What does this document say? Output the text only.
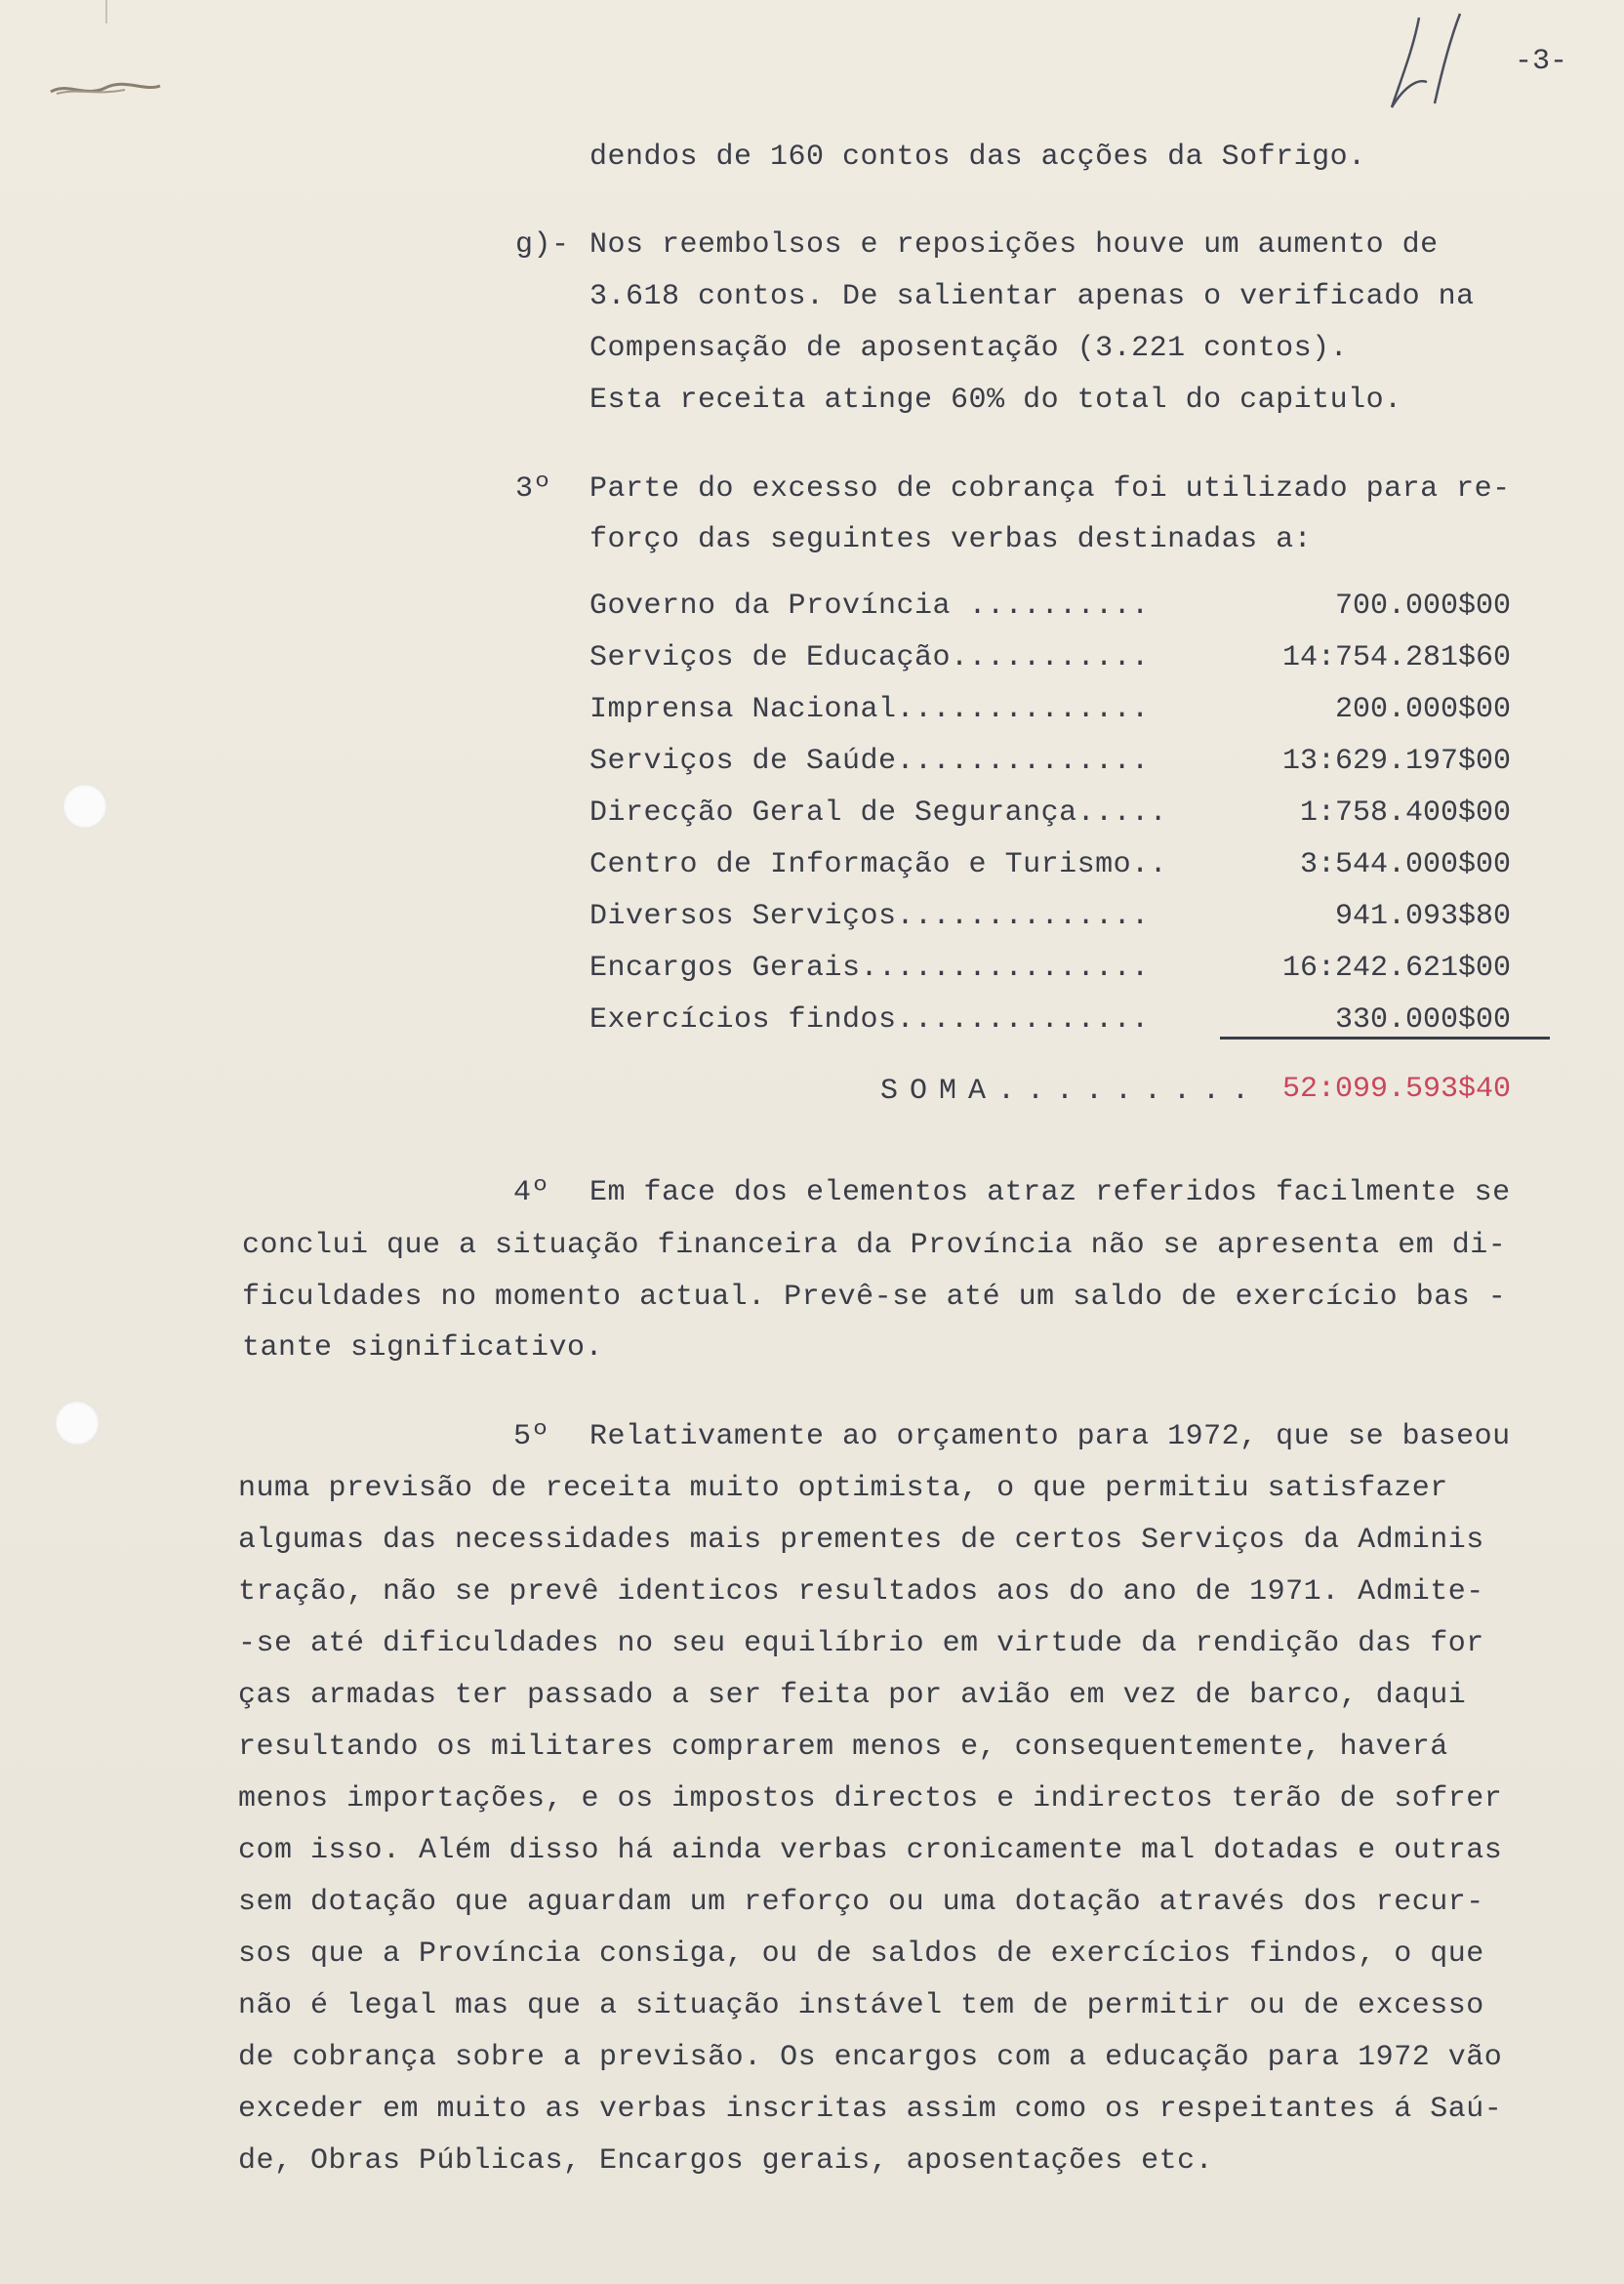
-3-
dendos de 160 contos das acções da Sofrigo.
g)- Nos reembolsos e reposições houve um aumento de
3.618 contos. De salientar apenas o verificado na
Compensação de aposentação (3.221 contos).
Esta receita atinge 60% do total do capitulo.
3º Parte do excesso de cobrança foi utilizado para re-
forço das seguintes verbas destinadas a:
Governo da Província ..........	700.000$00
Serviços de Educação...........	14:754.281$60
Imprensa Nacional..............	200.000$00
Serviços de Saúde..............	13:629.197$00
Direcção Geral de Segurança.....	1:758.400$00
Centro de Informação e Turismo..	3:544.000$00
Diversos Serviços..............	941.093$80
Encargos Gerais................	16:242.621$00
Exercícios findos..............	330.000$00
SOMA......... 52:099.593$40
4º Em face dos elementos atraz referidos facilmente se
conclui que a situação financeira da Província não se apresenta em di-
ficuldades no momento actual. Prevê-se até um saldo de exercício bas -
tante significativo.
5º Relativamente ao orçamento para 1972, que se baseou
numa previsão de receita muito optimista, o que permitiu satisfazer
algumas das necessidades mais prementes de certos Serviços da Adminis
tração, não se prevê identicos resultados aos do ano de 1971. Admite-
-se até dificuldades no seu equilíbrio em virtude da rendição das for
ças armadas ter passado a ser feita por avião em vez de barco, daqui
resultando os militares comprarem menos e, consequentemente, haverá
menos importações, e os impostos directos e indirectos terão de sofrer
com isso. Além disso há ainda verbas cronicamente mal dotadas e outras
sem dotação que aguardam um reforço ou uma dotação através dos recur-
sos que a Província consiga, ou de saldos de exercícios findos, o que
não é legal mas que a situação instável tem de permitir ou de excesso
de cobrança sobre a previsão. Os encargos com a educação para 1972 vão
exceder em muito as verbas inscritas assim como os respeitantes á Saú-
de, Obras Públicas, Encargos gerais, aposentações etc.
